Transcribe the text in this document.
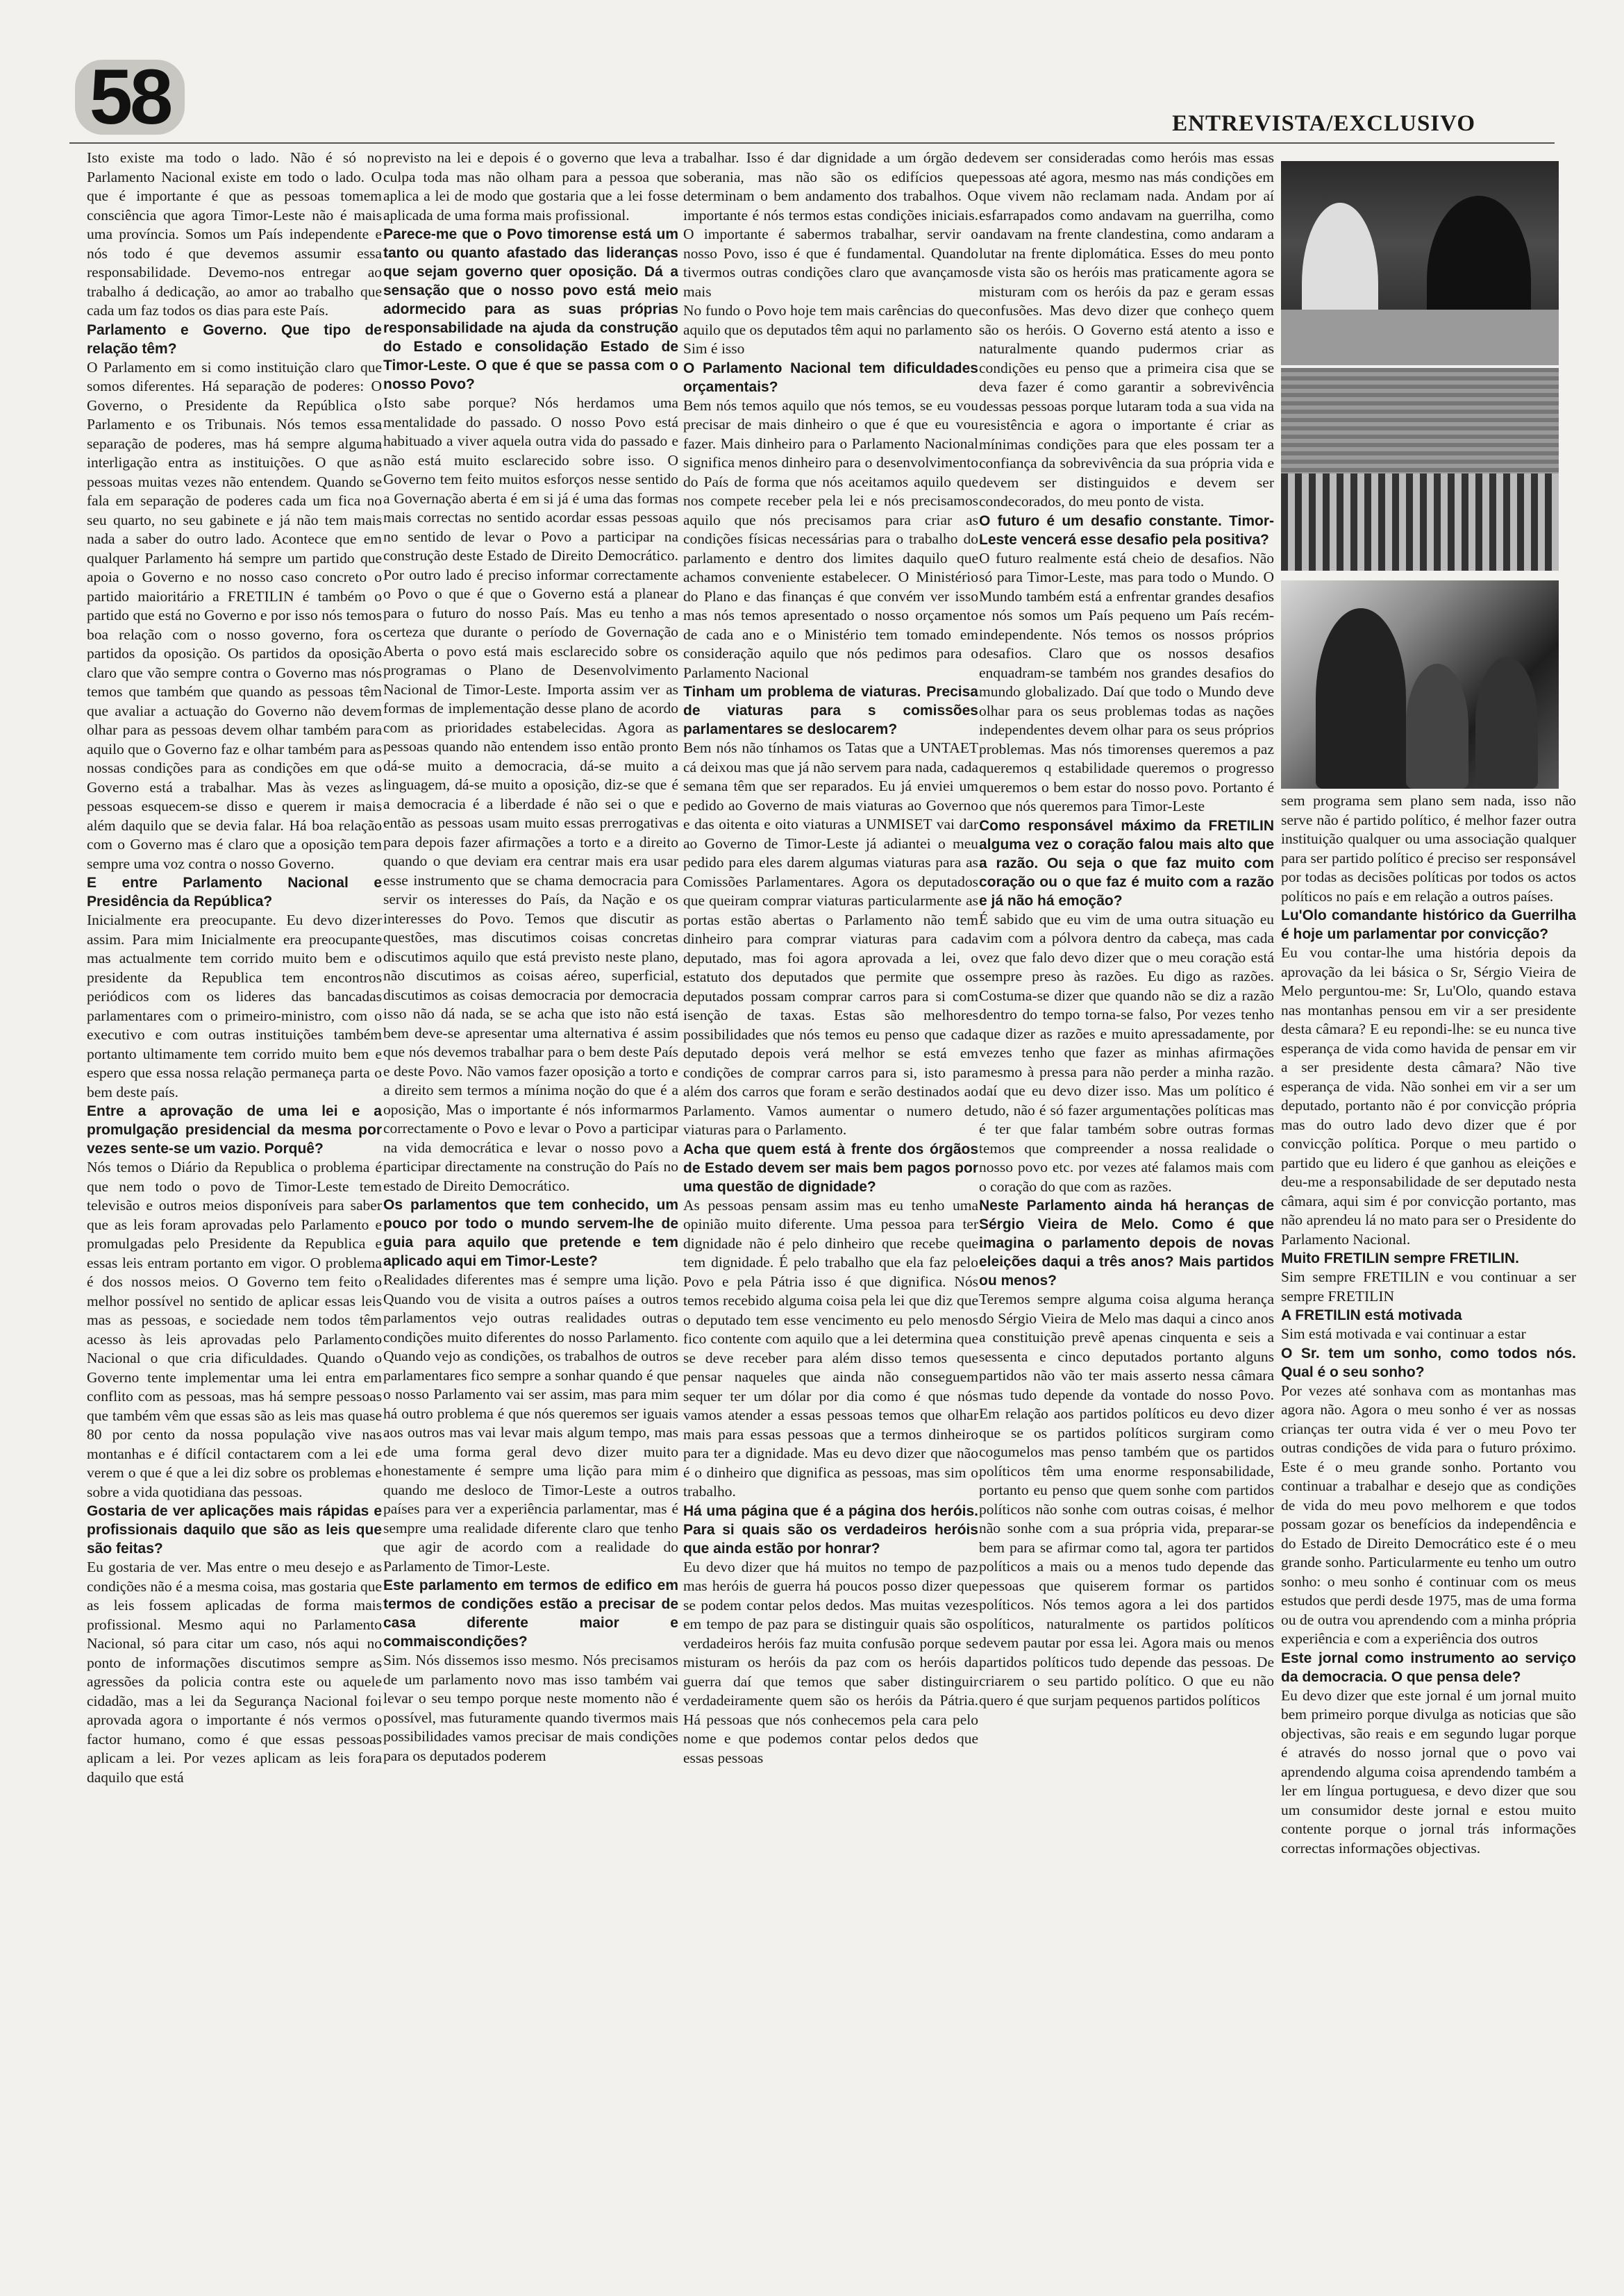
58	ENTREVISTA/EXCLUSIVO

Isto existe ma todo o lado. Não é só no Parlamento Nacional existe em todo o lado. O que é importante é que as pessoas tomem consciência que agora Timor-Leste não é mais uma província. Somos um País independente e nós todo é que devemos assumir essa responsabilidade. Devemo-nos entregar ao trabalho á dedicação, ao amor ao trabalho que cada um faz todos os dias para este País.

Parlamento e Governo. Que tipo de relação têm?

O Parlamento em si como instituição claro que somos diferentes. Há separação de poderes: O Governo, o Presidente da República o Parlamento e os Tribunais. Nós temos essa separação de poderes, mas há sempre alguma interligação entra as instituições. O que as pessoas muitas vezes não entendem. Quando se fala em separação de poderes cada um fica no seu quarto, no seu gabinete e já não tem mais nada a saber do outro lado. Acontece que em qualquer Parlamento há sempre um partido que apoia o Governo e no nosso caso concreto o partido maioritário a FRETILIN é também o partido que está no Governo e por isso nós temos boa relação com o nosso governo, fora os partidos da oposição. Os partidos da oposição claro que vão sempre contra o Governo mas nós temos que também que quando as pessoas têm que avaliar a actuação do Governo não devem olhar para as pessoas devem olhar também para aquilo que o Governo faz e olhar também para as nossas condições para as condições em que o Governo está a trabalhar. Mas às vezes as pessoas esquecem-se disso e querem ir mais além daquilo que se devia falar. Há boa relação com o Governo mas é claro que a oposição tem sempre uma voz contra o nosso Governo.

E entre Parlamento Nacional e Presidência da República?

Inicialmente era preocupante. Eu devo dizer assim. Para mim Inicialmente era preocupante mas actualmente tem corrido muito bem e o presidente da Republica tem encontros periódicos com os lideres das bancadas parlamentares com o primeiro-ministro, com o executivo e com outras instituições também portanto ultimamente tem corrido muito bem e espero que essa nossa relação permaneça parta o bem deste país.

Entre a aprovação de uma lei e a promulgação presidencial da mesma por vezes sente-se um vazio. Porquê?

Nós temos o Diário da Republica o problema é que nem todo o povo de Timor-Leste tem televisão e outros meios disponíveis para saber que as leis foram aprovadas pelo Parlamento e promulgadas pelo Presidente da Republica e essas leis entram portanto em vigor. O problema é dos nossos meios. O Governo tem feito o melhor possível no sentido de aplicar essas leis mas as pessoas, e sociedade nem todos têm acesso às leis aprovadas pelo Parlamento Nacional o que cria dificuldades. Quando o Governo tente implementar uma lei entra em conflito com as pessoas, mas há sempre pessoas que também vêm que essas são as leis mas quase 80 por cento da nossa população vive nas montanhas e é difícil contactarem com a lei e verem o que é que a lei diz sobre os problemas e sobre a vida quotidiana das pessoas.

Gostaria de ver aplicações mais rápidas e profissionais daquilo que são as leis que são feitas?

Eu gostaria de ver. Mas entre o meu desejo e as condições não é a mesma coisa, mas gostaria que as leis fossem aplicadas de forma mais profissional. Mesmo aqui no Parlamento Nacional, só para citar um caso, nós aqui no ponto de informações discutimos sempre as agressões da policia contra este ou aquele cidadão, mas a lei da Segurança Nacional foi aprovada agora o importante é nós vermos o factor humano, como é que essas pessoas aplicam a lei. Por vezes aplicam as leis fora daquilo que está

previsto na lei e depois é o governo que leva a culpa toda mas não olham para a pessoa que aplica a lei de modo que gostaria que a lei fosse aplicada de uma forma mais profissional.

Parece-me que o Povo timorense está um tanto ou quanto afastado das lideranças que sejam governo quer oposição. Dá a sensação que o nosso povo está meio adormecido para as suas próprias responsabilidade na ajuda da construção do Estado e consolidação Estado de Timor-Leste. O que é que se passa com o nosso Povo?

Isto sabe porque? Nós herdamos uma mentalidade do passado. O nosso Povo está habituado a viver aquela outra vida do passado e não está muito esclarecido sobre isso. O Governo tem feito muitos esforços nesse sentido a Governação aberta é em si já é uma das formas mais correctas no sentido acordar essas pessoas no sentido de levar o Povo a participar na construção deste Estado de Direito Democrático. Por outro lado é preciso informar correctamente o Povo o que é que o Governo está a planear para o futuro do nosso País. Mas eu tenho a certeza que durante o período de Governação Aberta o povo está mais esclarecido sobre os programas o Plano de Desenvolvimento Nacional de Timor-Leste. Importa assim ver as formas de implementação desse plano de acordo com as prioridades estabelecidas. Agora as pessoas quando não entendem isso então pronto dá-se muito a democracia, dá-se muito a linguagem, dá-se muito a oposição, diz-se que é a democracia é a liberdade é não sei o que e então as pessoas usam muito essas prerrogativas para depois fazer afirmações a torto e a direito quando o que deviam era centrar mais era usar esse instrumento que se chama democracia para servir os interesses do País, da Nação e os interesses do Povo. Temos que discutir as questões, mas discutimos coisas concretas discutimos aquilo que está previsto neste plano, não discutimos as coisas aéreo, superficial, discutimos as coisas democracia por democracia isso não dá nada, se se acha que isto não está bem deve-se apresentar uma alternativa é assim que nós devemos trabalhar para o bem deste País e deste Povo. Não vamos fazer oposição a torto e a direito sem termos a mínima noção do que é a oposição, Mas o importante é nós informarmos correctamente o Povo e levar o Povo a participar na vida democrática e levar o nosso povo a participar directamente na construção do País no estado de Direito Democrático.

Os parlamentos que tem conhecido, um pouco por todo o mundo servem-lhe de guia para aquilo que pretende e tem aplicado aqui em Timor-Leste?

Realidades diferentes mas é sempre uma lição. Quando vou de visita a outros países a outros parlamentos vejo outras realidades outras condições muito diferentes do nosso Parlamento. Quando vejo as condições, os trabalhos de outros parlamentares fico sempre a sonhar quando é que o nosso Parlamento vai ser assim, mas para mim há outro problema é que nós queremos ser iguais aos outros mas vai levar mais algum tempo, mas de uma forma geral devo dizer muito honestamente é sempre uma lição para mim quando me desloco de Timor-Leste a outros países para ver a experiência parlamentar, mas é sempre uma realidade diferente claro que tenho que agir de acordo com a realidade do Parlamento de Timor-Leste.

Este parlamento em termos de edifico em termos de condições estão a precisar de casa diferente maior e commaiscondições?

Sim. Nós dissemos isso mesmo. Nós precisamos de um parlamento novo mas isso também vai levar o seu tempo porque neste momento não é possível, mas futuramente quando tivermos mais possibilidades vamos precisar de mais condições para os deputados poderem

trabalhar. Isso é dar dignidade a um órgão de soberania, mas não são os edifícios que determinam o bem andamento dos trabalhos. O importante é nós termos estas condições iniciais. O importante é sabermos trabalhar, servir o nosso Povo, isso é que é fundamental. Quando tivermos outras condições claro que avançamos mais

No fundo o Povo hoje tem mais carências do que aquilo que os deputados têm aqui no parlamento

Sim é isso

O Parlamento Nacional tem dificuldades orçamentais?

Bem nós temos aquilo que nós temos, se eu vou precisar de mais dinheiro o que é que eu vou fazer. Mais dinheiro para o Parlamento Nacional significa menos dinheiro para o desenvolvimento do País de forma que nós aceitamos aquilo que nos compete receber pela lei e nós precisamos aquilo que nós precisamos para criar as condições físicas necessárias para o trabalho do parlamento e dentro dos limites daquilo que achamos conveniente estabelecer. O Ministério do Plano e das finanças é que convém ver isso mas nós temos apresentado o nosso orçamento de cada ano e o Ministério tem tomado em consideração aquilo que nós pedimos para o Parlamento Nacional

Tinham um problema de viaturas. Precisa de viaturas para s comissões parlamentares se deslocarem?

Bem nós não tínhamos os Tatas que a UNTAET cá deixou mas que já não servem para nada, cada semana têm que ser reparados. Eu já enviei um pedido ao Governo de mais viaturas ao Governo e das oitenta e oito viaturas a UNMISET vai dar ao Governo de Timor-Leste já adiantei o meu pedido para eles darem algumas viaturas para as Comissões Parlamentares. Agora os deputados que queiram comprar viaturas particularmente as portas estão abertas o Parlamento não tem dinheiro para comprar viaturas para cada deputado, mas foi agora aprovada a lei, o estatuto dos deputados que permite que os deputados possam comprar carros para si com isenção de taxas. Estas são melhores possibilidades que nós temos eu penso que cada deputado depois verá melhor se está em condições de comprar carros para si, isto para além dos carros que foram e serão destinados ao Parlamento. Vamos aumentar o numero de viaturas para o Parlamento.

Acha que quem está à frente dos órgãos de Estado devem ser mais bem pagos por uma questão de dignidade?

As pessoas pensam assim mas eu tenho uma opinião muito diferente. Uma pessoa para ter dignidade não é pelo dinheiro que recebe que tem dignidade. É pelo trabalho que ela faz pelo Povo e pela Pátria isso é que dignifica. Nós temos recebido alguma coisa pela lei que diz que o deputado tem esse vencimento eu pelo menos fico contente com aquilo que a lei determina que se deve receber para além disso temos que pensar naqueles que ainda não conseguem sequer ter um dólar por dia como é que nós vamos atender a essas pessoas temos que olhar mais para essas pessoas que a termos dinheiro para ter a dignidade. Mas eu devo dizer que não é o dinheiro que dignifica as pessoas, mas sim o trabalho.

Há uma página que é a página dos heróis. Para si quais são os verdadeiros heróis que ainda estão por honrar?

Eu devo dizer que há muitos no tempo de paz mas heróis de guerra há poucos posso dizer que se podem contar pelos dedos. Mas muitas vezes em tempo de paz para se distinguir quais são os verdadeiros heróis faz muita confusão porque se misturam os heróis da paz com os heróis da guerra daí que temos que saber distinguir verdadeiramente quem são os heróis da Pátria. Há pessoas que nós conhecemos pela cara pelo nome e que podemos contar pelos dedos que essas pessoas

devem ser consideradas como heróis mas essas pessoas até agora, mesmo nas más condições em que vivem não reclamam nada. Andam por aí esfarrapados como andavam na guerrilha, como andavam na frente clandestina, como andaram a lutar na frente diplomática. Esses do meu ponto de vista são os heróis mas praticamente agora se misturam com os heróis da paz e geram essas confusões. Mas devo dizer que conheço quem são os heróis. O Governo está atento a isso e naturalmente quando pudermos criar as condições eu penso que a primeira cisa que se deva fazer é como garantir a sobrevivência dessas pessoas porque lutaram toda a sua vida na resistência e agora o importante é criar as mínimas condições para que eles possam ter a confiança da sobrevivência da sua própria vida e devem ser distinguidos e devem ser condecorados, do meu ponto de vista.

O futuro é um desafio constante. Timor-Leste vencerá esse desafio pela positiva?

O futuro realmente está cheio de desafios. Não só para Timor-Leste, mas para todo o Mundo. O Mundo também está a enfrentar grandes desafios e nós somos um País pequeno um País recém-independente. Nós temos os nossos próprios desafios. Claro que os nossos desafios enquadram-se também nos grandes desafios do mundo globalizado. Daí que todo o Mundo deve olhar para os seus problemas todas as nações independentes devem olhar para os seus próprios problemas. Mas nós timorenses queremos a paz queremos q estabilidade queremos o progresso queremos o bem estar do nosso povo. Portanto é o que nós queremos para Timor-Leste

Como responsável máximo da FRETILIN alguma vez o coração falou mais alto que a razão. Ou seja o que faz muito com coração ou o que faz é muito com a razão e já não há emoção?

É sabido que eu vim de uma outra situação eu vim com a pólvora dentro da cabeça, mas cada vez que falo devo dizer que o meu coração está sempre preso às razões. Eu digo as razões. Costuma-se dizer que quando não se diz a razão dentro do tempo torna-se falso, Por vezes tenho que dizer as razões e muito apressadamente, por vezes tenho que fazer as minhas afirmações mesmo à pressa para não perder a minha razão. daí que eu devo dizer isso. Mas um político é tudo, não é só fazer argumentações políticas mas é ter que falar também sobre outras formas temos que compreender a nossa realidade o nosso povo etc. por vezes até falamos mais com o coração do que com as razões.

Neste Parlamento ainda há heranças de Sérgio Vieira de Melo. Como é que imagina o parlamento depois de novas eleições daqui a três anos? Mais partidos ou menos?

Teremos sempre alguma coisa alguma herança do Sérgio Vieira de Melo mas daqui a cinco anos a constituição prevê apenas cinquenta e seis a sessenta e cinco deputados portanto alguns partidos não vão ter mais asserto nessa câmara mas tudo depende da vontade do nosso Povo. Em relação aos partidos políticos eu devo dizer que se os partidos políticos surgiram como cogumelos mas penso também que os partidos políticos têm uma enorme responsabilidade, portanto eu penso que quem sonhe com partidos políticos não sonhe com outras coisas, é melhor não sonhe com a sua própria vida, preparar-se bem para se afirmar como tal, agora ter partidos políticos a mais ou a menos tudo depende das pessoas que quiserem formar os partidos políticos. Nós temos agora a lei dos partidos políticos, naturalmente os partidos políticos devem pautar por essa lei. Agora mais ou menos partidos políticos tudo depende das pessoas. De criarem o seu partido político. O que eu não quero é que surjam pequenos partidos políticos

sem programa sem plano sem nada, isso não serve não é partido político, é melhor fazer outra instituição qualquer ou uma associação qualquer para ser partido político é preciso ser responsável por todas as decisões políticas por todos os actos políticos no país e em relação a outros países.

Lu'Olo comandante histórico da Guerrilha é hoje um parlamentar por convicção?

Eu vou contar-lhe uma história depois da aprovação da lei básica o Sr, Sérgio Vieira de Melo perguntou-me: Sr, Lu'Olo, quando estava nas montanhas pensou em vir a ser presidente desta câmara? E eu repondi-lhe: se eu nunca tive esperança de vida como havida de pensar em vir a ser presidente desta câmara? Não tive esperança de vida. Não sonhei em vir a ser um deputado, portanto não é por convicção própria mas do outro lado devo dizer que é por convicção política. Porque o meu partido o partido que eu lidero é que ganhou as eleições e deu-me a responsabilidade de ser deputado nesta câmara, aqui sim é por convicção portanto, mas não aprendeu lá no mato para ser o Presidente do Parlamento Nacional.

Muito FRETILIN sempre FRETILIN.

Sim sempre FRETILIN e vou continuar a ser sempre FRETILIN

A FRETILIN está motivada

Sim está motivada e vai continuar a estar

O Sr. tem um sonho, como todos nós. Qual é o seu sonho?

Por vezes até sonhava com as montanhas mas agora não. Agora o meu sonho é ver as nossas crianças ter outra vida é ver o meu Povo ter outras condições de vida para o futuro próximo. Este é o meu grande sonho. Portanto vou continuar a trabalhar e desejo que as condições de vida do meu povo melhorem e que todos possam gozar os benefícios da independência e do Estado de Direito Democrático este é o meu grande sonho. Particularmente eu tenho um outro sonho: o meu sonho é continuar com os meus estudos que perdi desde 1975, mas de uma forma ou de outra vou aprendendo com a minha própria experiência e com a experiência dos outros

Este jornal como instrumento ao serviço da democracia. O que pensa dele?

Eu devo dizer que este jornal é um jornal muito bem primeiro porque divulga as noticias que são objectivas, são reais e em segundo lugar porque é através do nosso jornal que o povo vai aprendendo alguma coisa aprendendo também a ler em língua portuguesa, e devo dizer que sou um consumidor deste jornal e estou muito contente porque o jornal trás informações correctas informações objectivas.
